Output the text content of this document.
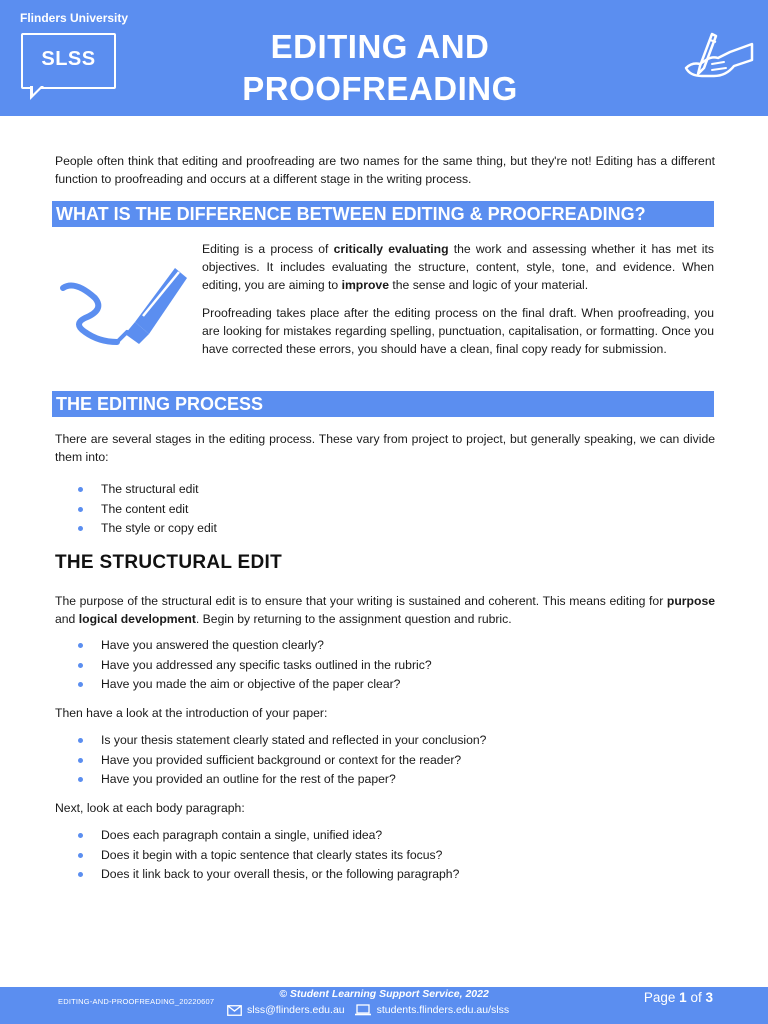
Flinders University
SLSS	EDITING AND
PROOFREADING
People often think that editing and proofreading are two names for the same thing, but they're not! Editing has a different function to proofreading and occurs at a different stage in the writing process.
WHAT IS THE DIFFERENCE BETWEEN EDITING & PROOFREADING?
Editing is a process of critically evaluating the work and assessing whether it has met its objectives. It includes evaluating the structure, content, style, tone, and evidence. When editing, you are aiming to improve the sense and logic of your material.
Proofreading takes place after the editing process on the final draft. When proofreading, you are looking for mistakes regarding spelling, punctuation, capitalisation, or formatting. Once you have corrected these errors, you should have a clean, final copy ready for submission.
THE EDITING PROCESS
There are several stages in the editing process. These vary from project to project, but generally speaking, we can divide them into:
The structural edit
The content edit
The style or copy edit
THE STRUCTURAL EDIT
The purpose of the structural edit is to ensure that your writing is sustained and coherent. This means editing for purpose and logical development. Begin by returning to the assignment question and rubric.
Have you answered the question clearly?
Have you addressed any specific tasks outlined in the rubric?
Have you made the aim or objective of the paper clear?
Then have a look at the introduction of your paper:
Is your thesis statement clearly stated and reflected in your conclusion?
Have you provided sufficient background or context for the reader?
Have you provided an outline for the rest of the paper?
Next, look at each body paragraph:
Does each paragraph contain a single, unified idea?
Does it begin with a topic sentence that clearly states its focus?
Does it link back to your overall thesis, or the following paragraph?
EDITING-AND-PROOFREADING_20220607
© Student Learning Support Service, 2022
slss@flinders.edu.au	students.flinders.edu.au/slss
Page 1 of 3
